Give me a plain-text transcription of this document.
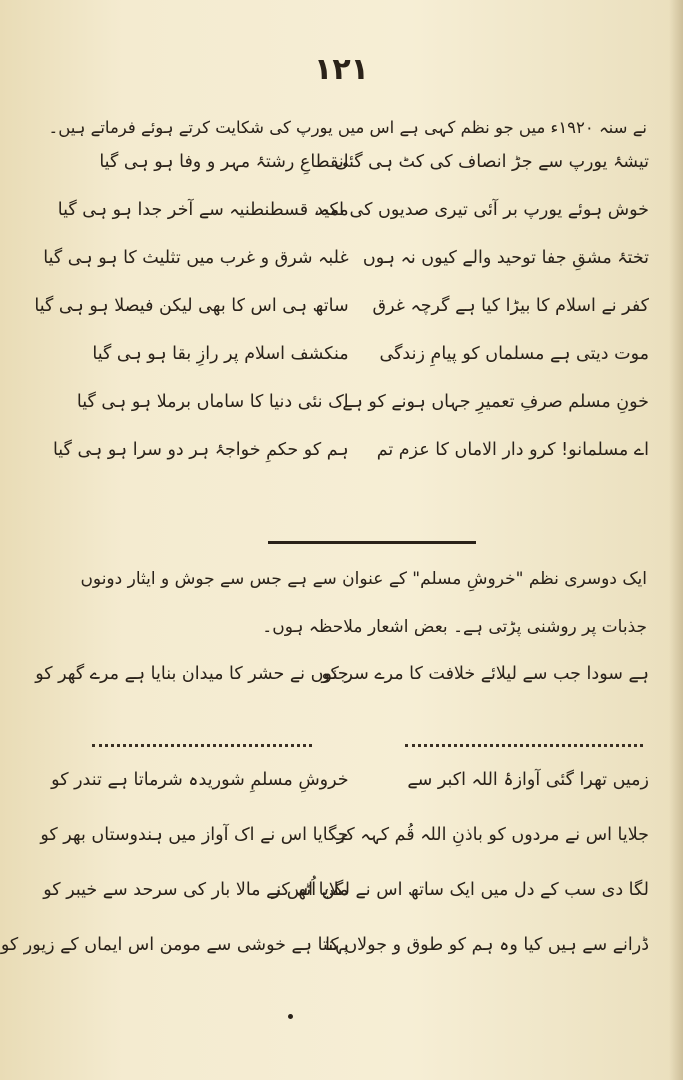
۱۲۱
نے سنہ ۱۹۲۰ء میں جو نظم کہی ہے اس میں یورپ کی شکایت کرتے ہوئے فرماتے ہیں۔
تیشۂ یورپ سے جڑ انصاف کی کٹ ہی گئی
انقطاعِ رشتۂ مہر و وفا ہو ہی گیا
خوش ہوئے یورپ بر آئی تیری صدیوں کی امید
مکہ، قسطنطنیہ سے آخر جدا ہو ہی گیا
تختۂ مشقِ جفا توحید والے کیوں نہ ہوں
غلبہ شرق و غرب میں تثلیث کا ہو ہی گیا
کفر نے اسلام کا بیڑا کیا ہے گرچہ غرق
ساتھ ہی اس کا بھی لیکن فیصلا ہو ہی گیا
موت دیتی ہے مسلماں کو پیامِ زندگی
منکشف اسلام پر رازِ بقا ہو ہی گیا
خونِ مسلم صرفِ تعمیرِ جہاں ہونے کو ہے
اک نئی دنیا کا ساماں برملا ہو ہی گیا
اے مسلمانو! کرو دار الاماں کا عزم تم
ہم کو حکمِ خواجۂ ہر دو سرا ہو ہی گیا
ایک دوسری نظم "خروشِ مسلم" کے عنوان سے ہے جس سے جوش و ایثار دونوں
جذبات پر روشنی پڑتی ہے۔ بعض اشعار ملاحظہ ہوں۔
ہے سودا جب سے لیلائے خلافت کا مرے سر کو
جنوں نے حشر کا میدان بنایا ہے مرے گھر کو
زمیں تھرا گئی آوازۂ اللہ اکبر سے
خروشِ مسلمِ شوریدہ شرماتا ہے تندر کو
جلایا اس نے مردوں کو باذنِ اللہ قُم کہہ کر
جگایا اس نے اک آواز میں ہندوستاں بھر کو
لگا دی سب کے دل میں ایک ساتھ اس نے لگن اُٹھ کر
ملایا اس نے مالا بار کی سرحد سے خیبر کو
ڈرانے سے ہیں کیا وہ ہم کو طوق و جولاں کا
پہنتا ہے خوشی سے مومن اس ایماں کے زیور کو
